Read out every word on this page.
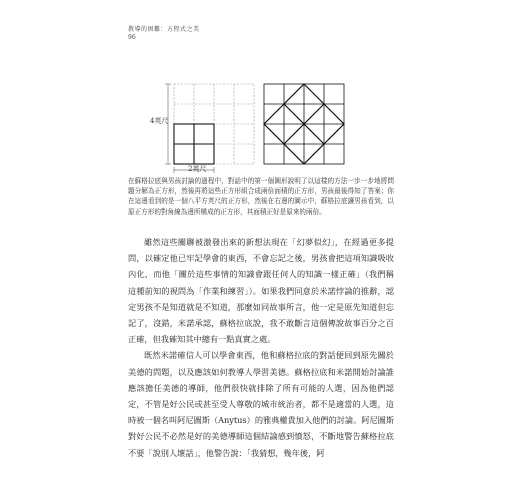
教導的困難：方程式之美
96
4英尺
2英尺
在蘇格拉底與男孩討論的過程中，對話中的第一個圖形說明了以這樣的方法一步一步地將問題分解為正方形，然後再將這些正方形組合成兩倍面積的正方形，男孩最後得知了答案；你在這邊看到的是一個八平方英尺的正方形，然後在右邊的圖示中，蘇格拉底讓男孩看到，以原正方形的對角線為邊所構成的正方形，其面積正好是原來的兩倍。

雖然這些關聯被激發出來的新想法現在「幻夢似幻」，在經過更多提問，以確定他已牢記學會的東西，不會忘記之後，男孩會把這項知識吸收內化，而他「關於這些事情的知識會跟任何人的知識一樣正確」（我們稱這種前知的視問為「作業和練習」）。如果我們同意於米諾悖論的推辭，認定男孩不是知道就是不知道，那麼如同故事所言，他一定是原先知道但忘記了，沒錯，米諾承認，蘇格拉底說，我不敢斷言這個傳說故事百分之百正確，但我確知其中總有一點真實之處。

既然米諾確信人可以學會東西，他和蘇格拉底的對話便回到原先關於美德的問題，以及應該如何教導人學習美德。蘇格拉底和米諾開始討論誰應該擔任美德的導師，他們很快就排除了所有可能的人選，因為他們認定，不管是好公民或甚至受人尊敬的城市統治者，都不是適當的人選，這時被一個名叫阿尼圖斯（Anytus）的雅典權貴加入他們的討論。阿尼圖斯對好公民不必然是好的美德導師這個結論感到憤怒，不斷地警告蘇格拉底不要「說別人壞話」，他警告說：「我猜想，幾年後，阿
